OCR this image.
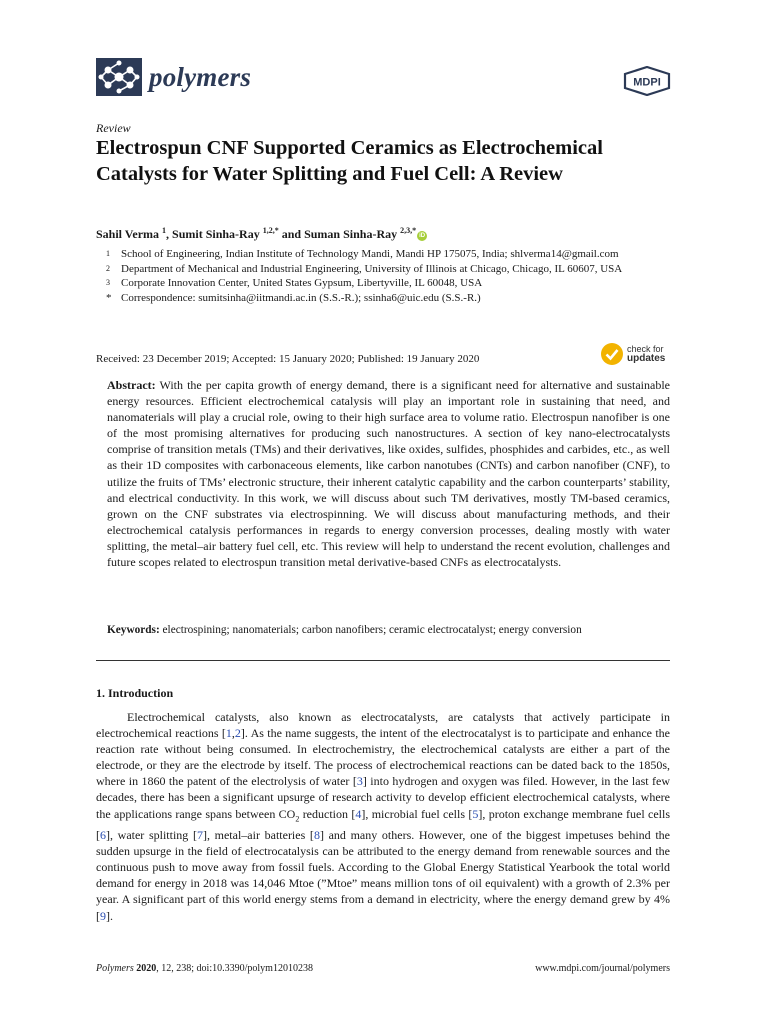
polymers	MDPI
Review
Electrospun CNF Supported Ceramics as Electrochemical Catalysts for Water Splitting and Fuel Cell: A Review
Sahil Verma $^1$, Sumit Sinha-Ray $^{1,2,*}$ and Suman Sinha-Ray $^{2,3,*}$iD
1	School of Engineering, Indian Institute of Technology Mandi, Mandi HP 175075, India; shlverma14@gmail.com
2	Department of Mechanical and Industrial Engineering, University of Illinois at Chicago, Chicago, IL 60607, USA
3	Corporate Innovation Center, United States Gypsum, Libertyville, IL 60048, USA
* Correspondence: sumitsinha@iitmandi.ac.in (S.S.-R.); ssinha6@uic.edu (S.S.-R.)
Received: 23 December 2019; Accepted: 15 January 2020; Published: 19 January 2020
check for
updates
Abstract: With the per capita growth of energy demand, there is a significant need for alternative and sustainable energy resources. Efficient electrochemical catalysis will play an important role in sustaining that need, and nanomaterials will play a crucial role, owing to their high surface area to volume ratio. Electrospun nanofiber is one of the most promising alternatives for producing such nanostructures. A section of key nano-electrocatalysts comprise of transition metals (TMs) and their derivatives, like oxides, sulfides, phosphides and carbides, etc., as well as their 1D composites with carbonaceous elements, like carbon nanotubes (CNTs) and carbon nanofiber (CNF), to utilize the fruits of TMs’ electronic structure, their inherent catalytic capability and the carbon counterparts’ stability, and electrical conductivity. In this work, we will discuss about such TM derivatives, mostly TM-based ceramics, grown on the CNF substrates via electrospinning. We will discuss about manufacturing methods, and their electrochemical catalysis performances in regards to energy conversion processes, dealing mostly with water splitting, the metal–air battery fuel cell, etc. This review will help to understand the recent evolution, challenges and future scopes related to electrospun transition metal derivative-based CNFs as electrocatalysts.
Keywords: electrospining; nanomaterials; carbon nanofibers; ceramic electrocatalyst; energy conversion
1. Introduction
Electrochemical catalysts, also known as electrocatalysts, are catalysts that actively participate in electrochemical reactions [1,2]. As the name suggests, the intent of the electrocatalyst is to participate and enhance the reaction rate without being consumed. In electrochemistry, the electrochemical catalysts are either a part of the electrode, or they are the electrode by itself. The process of electrochemical reactions can be dated back to the 1850s, where in 1860 the patent of the electrolysis of water [3] into hydrogen and oxygen was filed. However, in the last few decades, there has been a significant upsurge of research activity to develop efficient electrochemical catalysts, where the applications range spans between $CO_2$ reduction [4], microbial fuel cells [5], proton exchange membrane fuel cells [6], water splitting [7], metal–air batteries [8] and many others. However, one of the biggest impetuses behind the sudden upsurge in the field of electrocatalysis can be attributed to the energy demand from renewable sources and the continuous push to move away from fossil fuels. According to the Global Energy Statistical Yearbook the total world demand for energy in 2018 was 14,046 Mtoe (”Mtoe” means million tons of oil equivalent) with a growth of 2.3% per year. A significant part of this world energy stems from a demand in electricity, where the energy demand grew by 4% [9].
Polymers 2020, 12, 238; doi:10.3390/polym12010238	www.mdpi.com/journal/polymers
